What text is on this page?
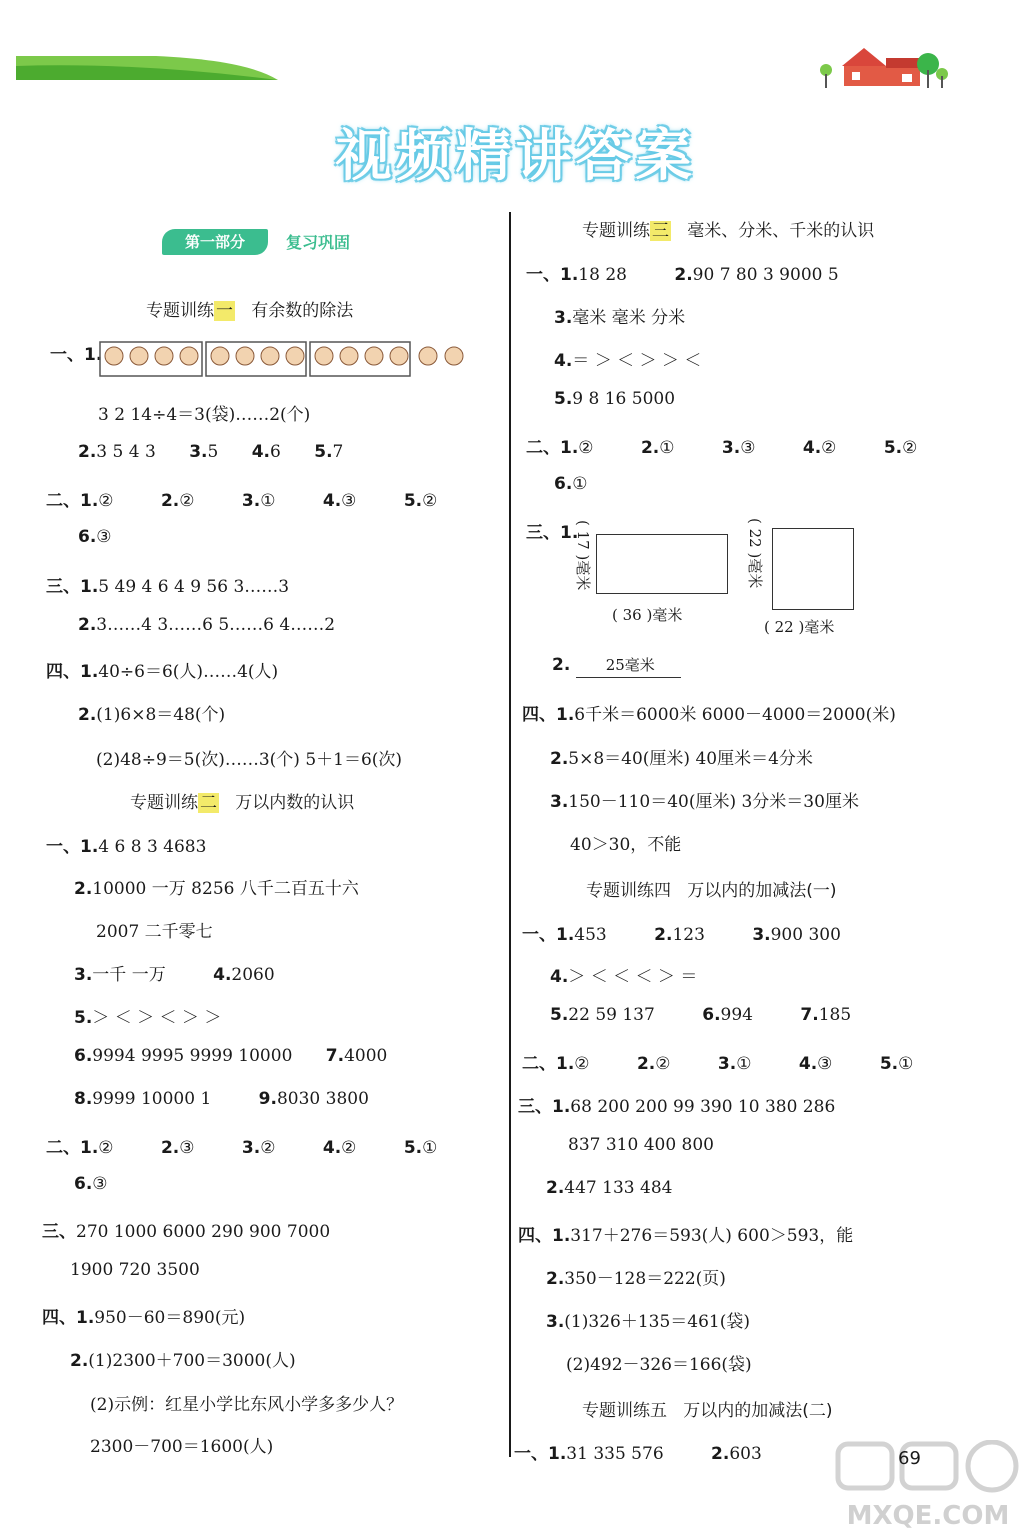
视频精讲答案
第一部分	复习巩固
专题训练 一 有余数的除法
一、1.
3 2 14÷4＝3(袋)……2(个)
2.3 5 4 3 3.5 4.6 5.7
二、1.②	2.②	3.①	4.③	5.②
6.③
三、1.5 49 4 6 4 9 56 3……3
2.3……4 3……6 5……6 4……2
四、1.40÷6＝6(人)……4(人)
2.(1)6×8＝48(个)
(2)48÷9＝5(次)……3(个) 5＋1＝6(次)
专题训练 二 万以内数的认识
一、1.4 6 8 3 4683
2.10000 一万 8256 八千二百五十六
2007 二千零七
3.一千 一万	4.2060
5.＞ ＜ ＞ ＜ ＞ ＞
6.9994 9995 9999 10000 7.4000
8.9999 10000 1	9.8030 3800
二、1.②	2.③	3.②	4.②	5.①
6.③
三、270 1000 6000 290 900 7000
1900 720 3500
四、1.950－60＝890(元)
2.(1)2300＋700＝3000(人)
(2)示例：红星小学比东风小学多多少人？
2300－700＝1600(人)
专题训练 三 毫米、分米、千米的认识
一、1.18 28	2.90 7 80 3 9000 5
3.毫米 毫米 分米
4.＝ ＞ ＜ ＞ ＞ ＜
5.9 8 16 5000
二、1.②	2.①	3.③	4.②	5.②
6.①
三、1.
( 17 )毫米
( 36 )毫米
( 22 )毫米
( 22 )毫米
2. 25毫米
四、1.6千米＝6000米 6000－4000＝2000(米)
2.5×8＝40(厘米) 40厘米＝4分米
3.150－110＝40(厘米) 3分米＝30厘米
40＞30，不能
专题训练四 万以内的加减法(一)
一、1.453	2.123	3.900 300
4.＞ ＜ ＜ ＜ ＞ ＝
5.22 59 137	6.994	7.185
二、1.②	2.②	3.①	4.③	5.①
三、1.68 200 200 99 390 10 380 286
837 310 400 800
2.447 133 484
四、1.317＋276＝593(人) 600＞593，能
2.350－128＝222(页)
3.(1)326＋135＝461(袋)
(2)492－326＝166(袋)
专题训练五 万以内的加减法(二)
一、1.31 335 576	2.603
MXQE.COM
69
